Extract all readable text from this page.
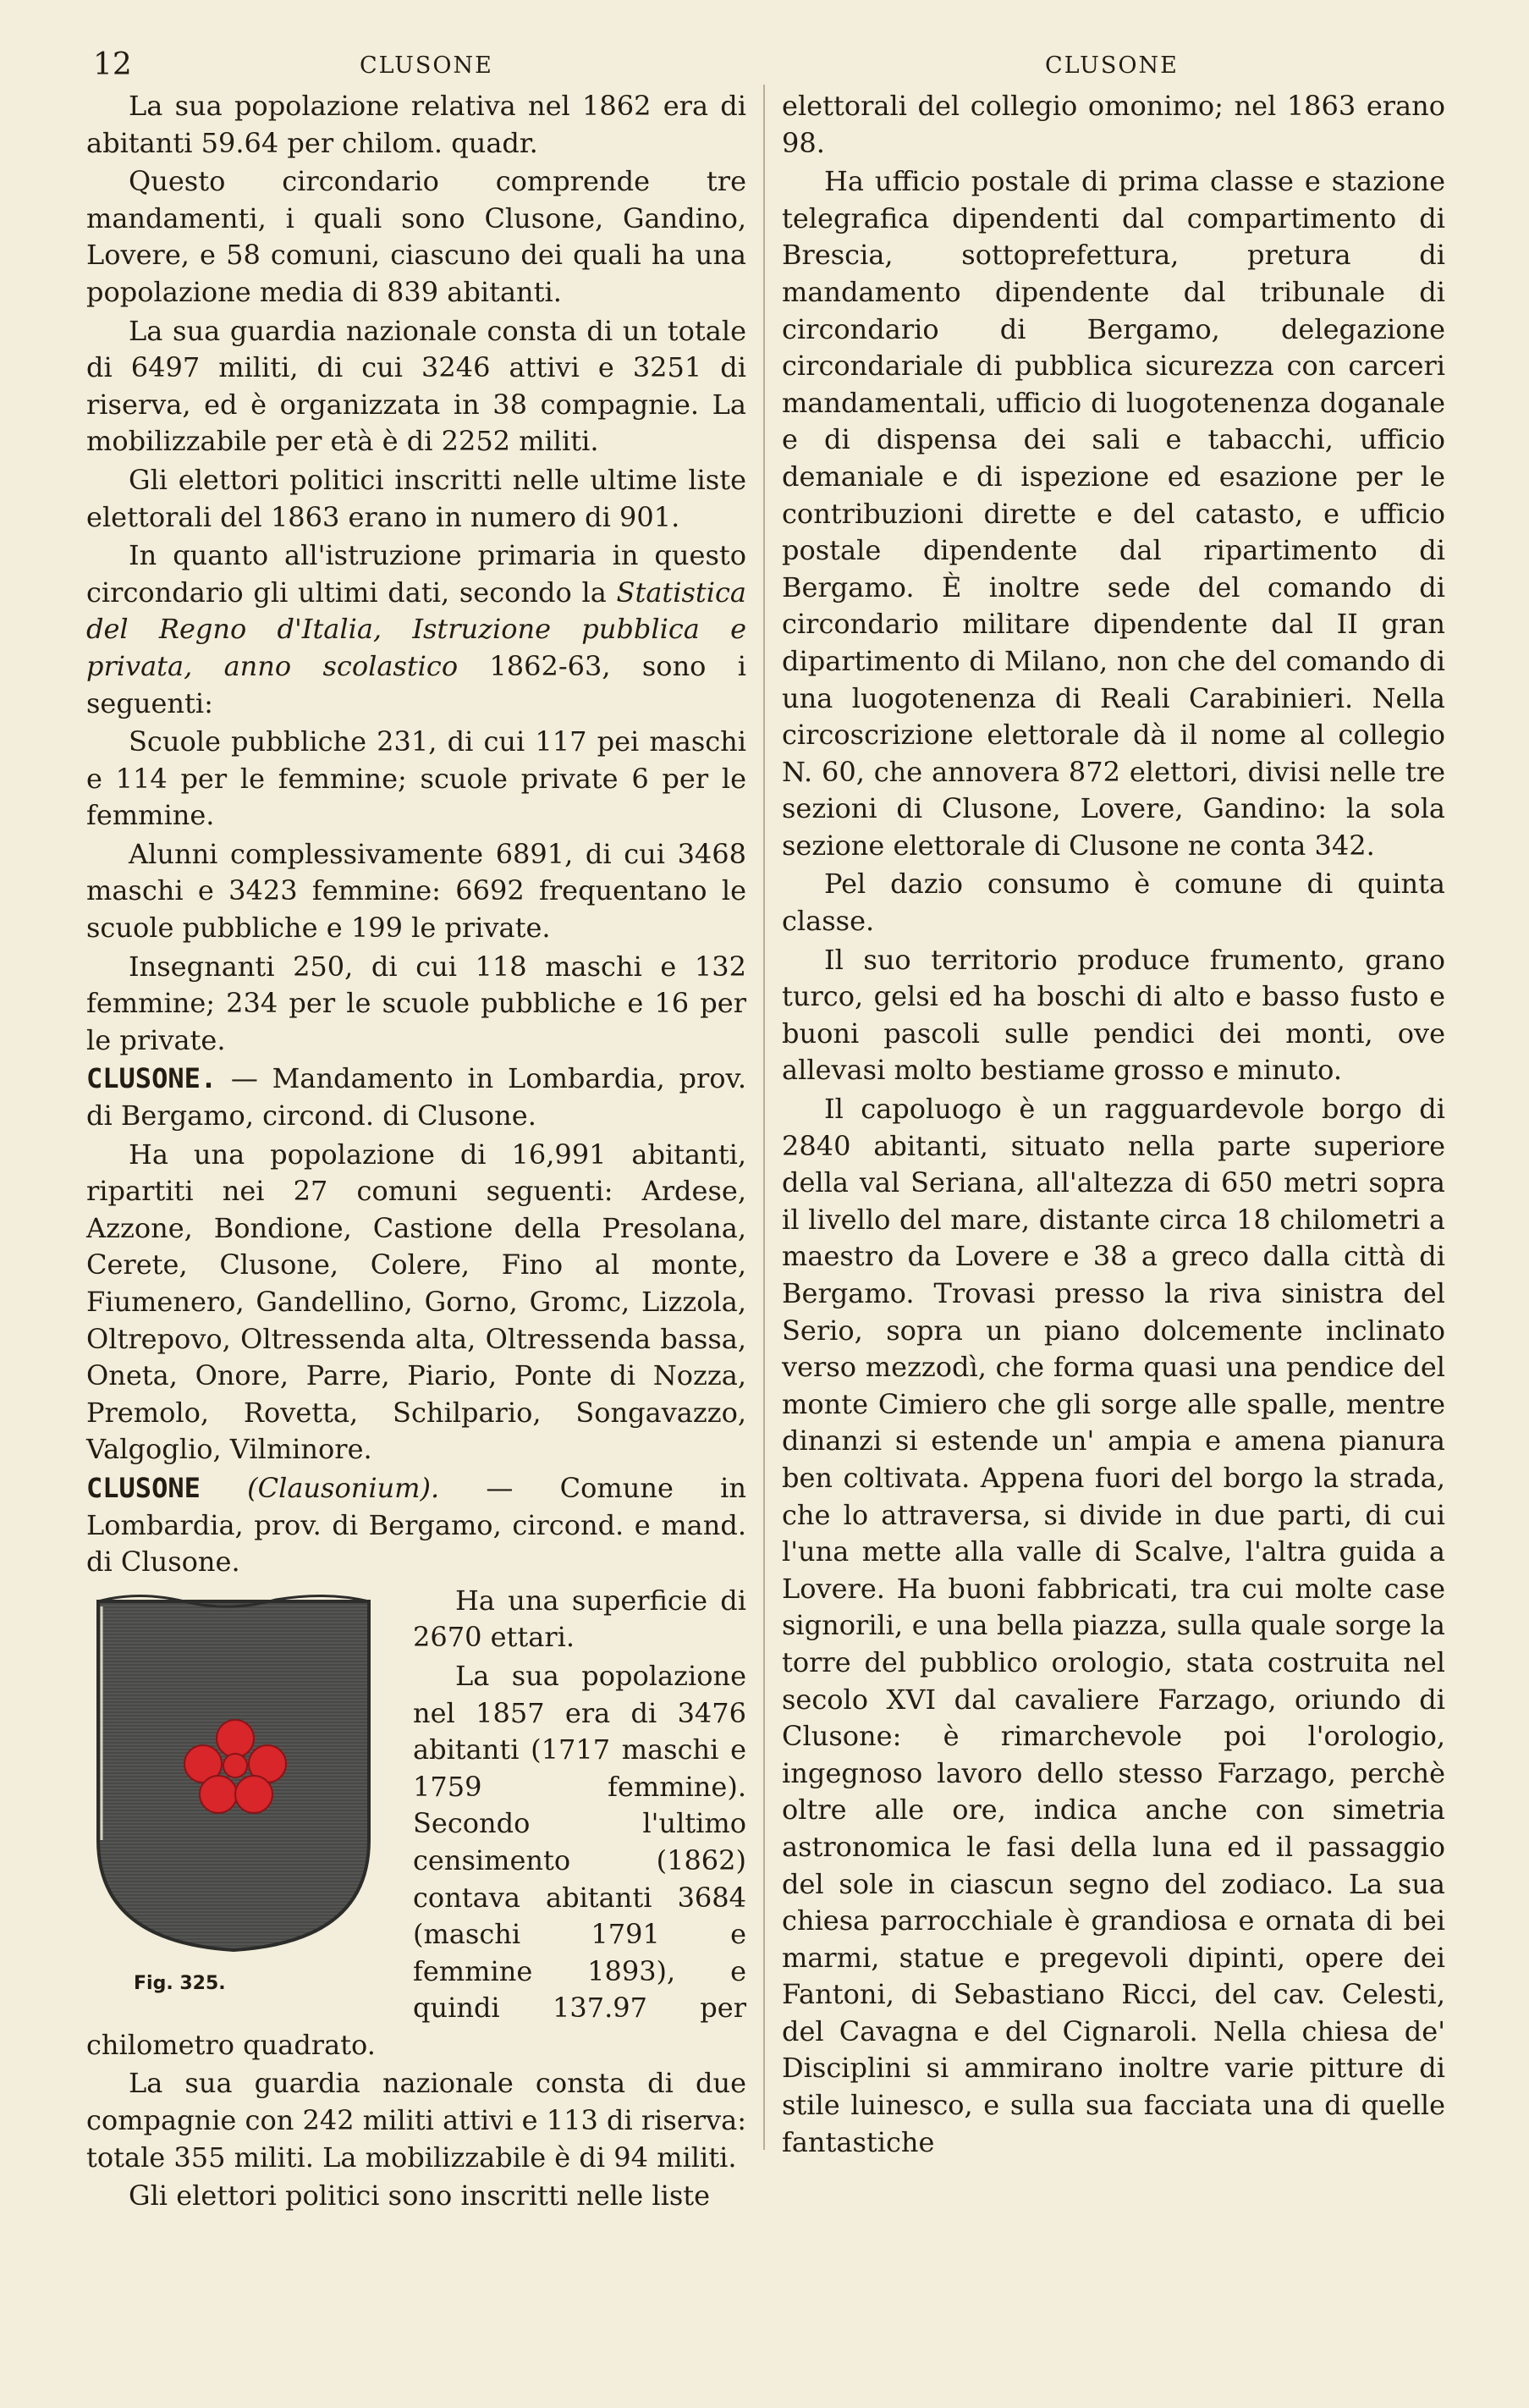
12	CLUSONE	CLUSONE

La sua popolazione relativa nel 1862 era di abitanti 59.64 per chilom. quadr.

Questo circondario comprende tre mandamenti, i quali sono Clusone, Gandino, Lovere, e 58 comuni, ciascuno dei quali ha una popolazione media di 839 abitanti.

La sua guardia nazionale consta di un totale di 6497 militi, di cui 3246 attivi e 3251 di riserva, ed è organizzata in 38 compagnie. La mobilizzabile per età è di 2252 militi.

Gli elettori politici inscritti nelle ultime liste elettorali del 1863 erano in numero di 901.

In quanto all'istruzione primaria in questo circondario gli ultimi dati, secondo la Statistica del Regno d'Italia, Istruzione pubblica e privata, anno scolastico 1862-63, sono i seguenti:

Scuole pubbliche 231, di cui 117 pei maschi e 114 per le femmine; scuole private 6 per le femmine.

Alunni complessivamente 6891, di cui 3468 maschi e 3423 femmine: 6692 frequentano le scuole pubbliche e 199 le private.

Insegnanti 250, di cui 118 maschi e 132 femmine; 234 per le scuole pubbliche e 16 per le private.

CLUSONE. — Mandamento in Lombardia, prov. di Bergamo, circond. di Clusone.

Ha una popolazione di 16,991 abitanti, ripartiti nei 27 comuni seguenti: Ardese, Azzone, Bondione, Castione della Presolana, Cerete, Clusone, Colere, Fino al monte, Fiumenero, Gandellino, Gorno, Gromc, Lizzola, Oltrepovo, Oltressenda alta, Oltressenda bassa, Oneta, Onore, Parre, Piario, Ponte di Nozza, Premolo, Rovetta, Schilpario, Songavazzo, Valgoglio, Vilminore.

CLUSONE (Clausonium). — Comune in Lombardia, prov. di Bergamo, circond. e mand. di Clusone.

Fig. 325.

Ha una superficie di 2670 ettari.

La sua popolazione nel 1857 era di 3476 abitanti (1717 maschi e 1759 femmine). Secondo l'ultimo censimento (1862) contava abitanti 3684 (maschi 1791 e femmine 1893), e quindi 137.97 per chilometro quadrato.

La sua guardia nazionale consta di due compagnie con 242 militi attivi e 113 di riserva: totale 355 militi. La mobilizzabile è di 94 militi.

Gli elettori politici sono inscritti nelle liste

elettorali del collegio omonimo; nel 1863 erano 98.

Ha ufficio postale di prima classe e stazione telegrafica dipendenti dal compartimento di Brescia, sottoprefettura, pretura di mandamento dipendente dal tribunale di circondario di Bergamo, delegazione circondariale di pubblica sicurezza con carceri mandamentali, ufficio di luogotenenza doganale e di dispensa dei sali e tabacchi, ufficio demaniale e di ispezione ed esazione per le contribuzioni dirette e del catasto, e ufficio postale dipendente dal ripartimento di Bergamo. È inoltre sede del comando di circondario militare dipendente dal II gran dipartimento di Milano, non che del comando di una luogotenenza di Reali Carabinieri. Nella circoscrizione elettorale dà il nome al collegio N. 60, che annovera 872 elettori, divisi nelle tre sezioni di Clusone, Lovere, Gandino: la sola sezione elettorale di Clusone ne conta 342.

Pel dazio consumo è comune di quinta classe.

Il suo territorio produce frumento, grano turco, gelsi ed ha boschi di alto e basso fusto e buoni pascoli sulle pendici dei monti, ove allevasi molto bestiame grosso e minuto.

Il capoluogo è un ragguardevole borgo di 2840 abitanti, situato nella parte superiore della val Seriana, all'altezza di 650 metri sopra il livello del mare, distante circa 18 chilometri a maestro da Lovere e 38 a greco dalla città di Bergamo. Trovasi presso la riva sinistra del Serio, sopra un piano dolcemente inclinato verso mezzodì, che forma quasi una pendice del monte Cimiero che gli sorge alle spalle, mentre dinanzi si estende un' ampia e amena pianura ben coltivata. Appena fuori del borgo la strada, che lo attraversa, si divide in due parti, di cui l'una mette alla valle di Scalve, l'altra guida a Lovere. Ha buoni fabbricati, tra cui molte case signorili, e una bella piazza, sulla quale sorge la torre del pubblico orologio, stata costruita nel secolo XVI dal cavaliere Farzago, oriundo di Clusone: è rimarchevole poi l'orologio, ingegnoso lavoro dello stesso Farzago, perchè oltre alle ore, indica anche con simetria astronomica le fasi della luna ed il passaggio del sole in ciascun segno del zodiaco. La sua chiesa parrocchiale è grandiosa e ornata di bei marmi, statue e pregevoli dipinti, opere dei Fantoni, di Sebastiano Ricci, del cav. Celesti, del Cavagna e del Cignaroli. Nella chiesa de' Disciplini si ammirano inoltre varie pitture di stile luinesco, e sulla sua facciata una di quelle fantastiche
